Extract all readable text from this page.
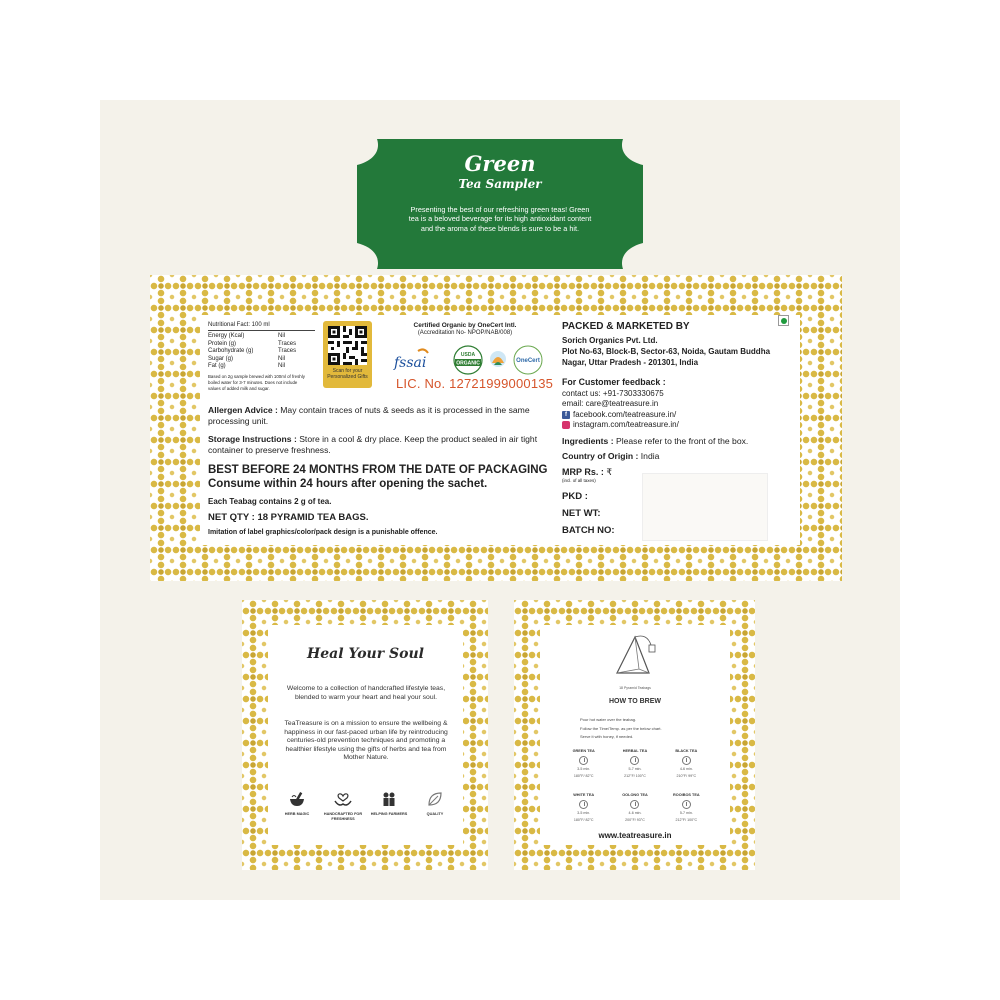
Green
Tea Sampler
Presenting the best of our refreshing green teas! Green tea is a beloved beverage for its high antioxidant content and the aroma of these blends is sure to be a hit.
Nutritional Fact: 100 ml
Energy (Kcal)	Nil
Protein (g)	Traces
Carbohydrate (g)	Traces
Sugar (g)	Nil
Fat (g)	Nil
Based on 2g sample brewed with 100ml of freshly boiled water for 3-7 minutes. Does not include values of added milk and sugar.
Scan for your Personalized Gifts
Certified Organic by OneCert Intl.
(Accreditation No- NPOP/NAB/008)
fssai	USDA
ORGANIC	OneCert
LIC. No. 12721999000135
Allergen Advice : May contain traces of nuts & seeds as it is processed in the same processing unit.
Storage Instructions : Store in a cool & dry place. Keep the product sealed in air tight container to preserve freshness.
BEST BEFORE 24 MONTHS FROM THE DATE OF PACKAGING
Consume within 24 hours after opening the sachet.
Each Teabag contains 2 g of tea.
NET QTY : 18 PYRAMID TEA BAGS.
Imitation of label graphics/color/pack design is a punishable offence.
PACKED & MARKETED BY
Sorich Organics Pvt. Ltd.
Plot No-63, Block-B, Sector-63, Noida, Gautam Buddha Nagar, Uttar Pradesh - 201301, India
For Customer feedback :
contact us: +91-7303330675
email: care@teatreasure.in
f facebook.com/teatreasure.in/
instagram.com/teatreasure.in/
Ingredients : Please refer to the front of the box.
Country of Origin : India
MRP Rs. : ₹
(incl. of all taxes)
PKD :
NET WT:
BATCH NO:
Heal Your Soul
Welcome to a collection of handcrafted lifestyle teas, blended to warm your heart and heal your soul.
TeaTreasure is on a mission to ensure the wellbeing & happiness in our fast-paced urban life by reintroducing centuries-old prevention techniques and promoting a healthier lifestyle using the gifts of herbs and tea from Mother Nature.
HERB MAGIC	HANDCRAFTED FOR FRESHNESS
HELPING FARMERS	QUALITY
18 Pyramid Teabags
HOW TO BREW
Pour hot water over the teabag.
Follow the Time/Temp. as per the below chart.
Serve it with honey, if needed.
GREEN TEA
3-5 min.
180°F/ 82°C
HERBAL TEA
5-7 min.
212°F/ 100°C
BLACK TEA
4-6 min.
210°F/ 99°C
WHITE TEA
3-5 min.
180°F/ 82°C
OOLONG TEA
4-6 min.
200°F/ 93°C
ROOIBOS TEA
5-7 min.
212°F/ 100°C
www.teatreasure.in
